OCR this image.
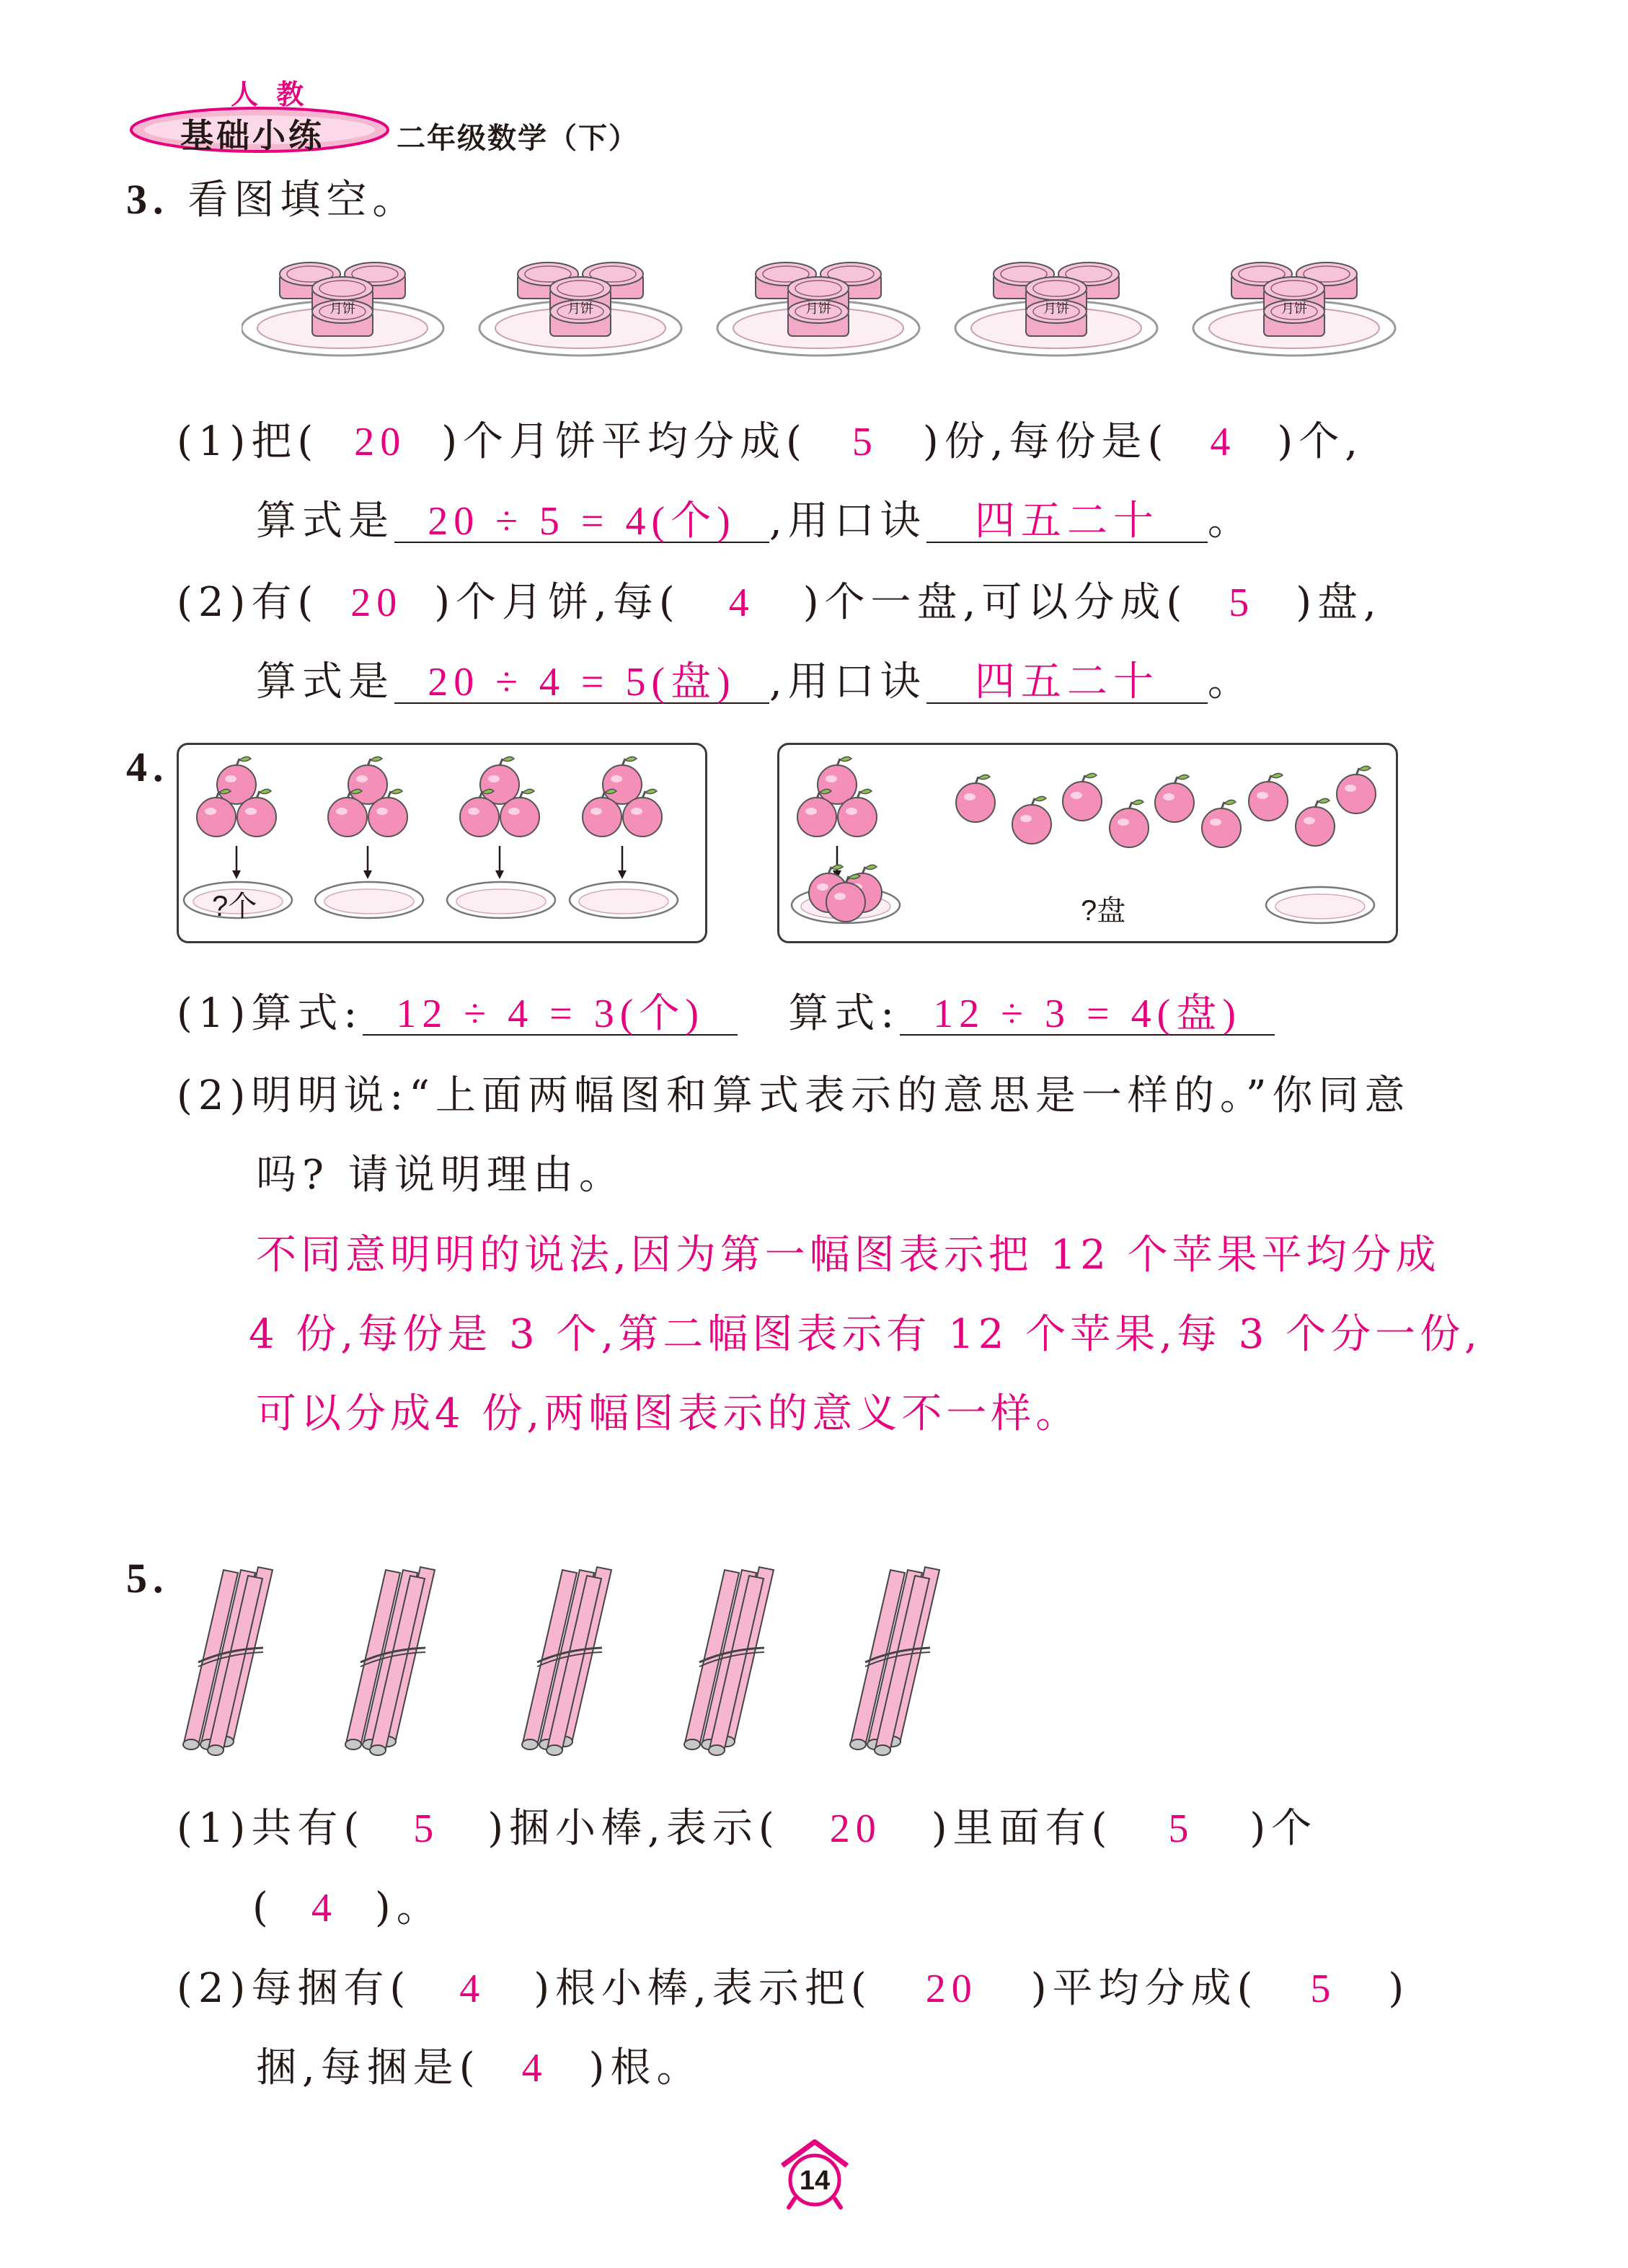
人 教
基础小练	二年级数学（下）
3. 看图填空。
月饼	月饼	月饼	月饼	月饼
(1)把( 20 )个月饼平均分成( 5 )份,每份是( 4 )个,
算式是 20 ÷ 5 = 4(个) ,用口诀 四五二十 。
(2)有( 20 )个月饼,每( 4 )个一盘,可以分成( 5 )盘,
算式是 20 ÷ 4 = 5(盘) ,用口诀 四五二十 。
4.
?个	?盘
(1)算式: 12 ÷ 4 = 3(个) 算式: 12 ÷ 3 = 4(盘)
(2)明明说:“上面两幅图和算式表示的意思是一样的。”你同意
吗? 请说明理由。
不同意明明的说法,因为第一幅图表示把 12 个苹果平均分成
4 份,每份是 3 个,第二幅图表示有 12 个苹果,每 3 个分一份,
可以分成4 份,两幅图表示的意义不一样。
5.
(1)共有( 5 )捆小棒,表示( 20 )里面有( 5 )个
( 4 )。
(2)每捆有( 4 )根小棒,表示把( 20 )平均分成( 5 )
捆,每捆是( 4 )根。
14
